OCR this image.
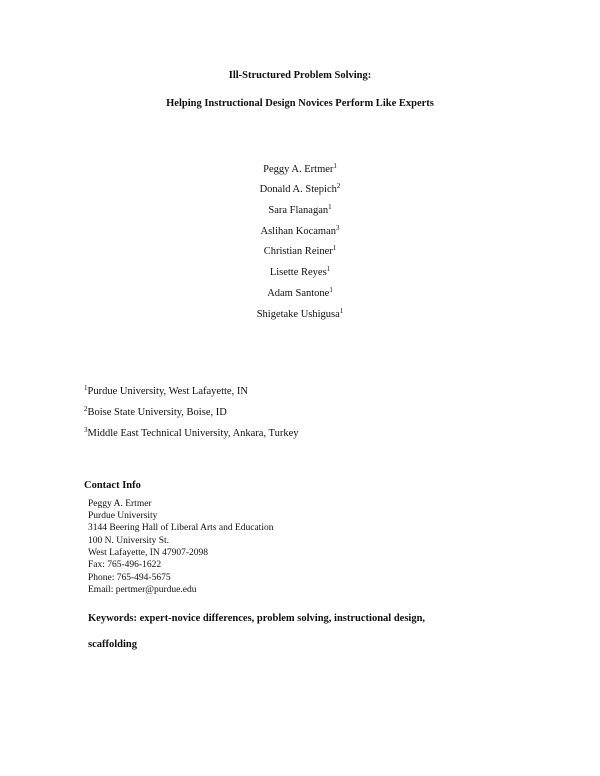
Ill-Structured Problem Solving:
Helping Instructional Design Novices Perform Like Experts
Peggy A. Ertmer$^1$
Donald A. Stepich$^2$
Sara Flanagan$^1$
Aslihan Kocaman$^3$
Christian Reiner$^1$
Lisette Reyes$^1$
Adam Santone$^1$
Shigetake Ushigusa$^1$
$^1$Purdue University, West Lafayette, IN
$^2$Boise State University, Boise, ID
$^3$Middle East Technical University, Ankara, Turkey
Contact Info
Peggy A. Ertmer
Purdue University
3144 Beering Hall of Liberal Arts and Education
100 N. University St.
West Lafayette, IN 47907-2098
Fax: 765-496-1622
Phone: 765-494-5675
Email: pertmer@purdue.edu
Keywords: expert-novice differences, problem solving, instructional design,
scaffolding
